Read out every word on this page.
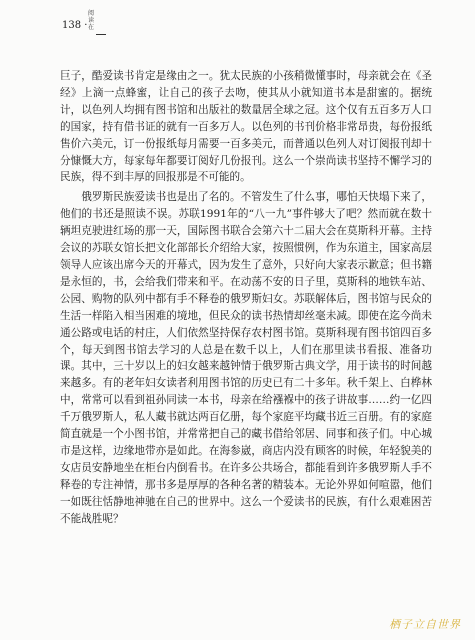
138 ·
阅读在

巨子，酷爱读书肯定是缘由之一。犹太民族的小孩稍微懂事时，母亲就会在《圣经》上滴一点蜂蜜，让自己的孩子去吻，使其从小就知道书本是甜蜜的。据统计，以色列人均拥有图书馆和出版社的数量居全球之冠。这个仅有五百多万人口的国家，持有借书证的就有一百多万人。以色列的书刊价格非常昂贵，每份报纸售价六美元，订一份报纸每月需要一百多美元，而普通以色列人对订阅报刊却十分慷慨大方，每家每年都要订阅好几份报刊。这么一个崇尚读书坚持不懈学习的民族，得不到丰厚的回报那是不可能的。

俄罗斯民族爱读书也是出了名的。不管发生了什么事，哪怕天快塌下来了，他们的书还是照读不误。苏联1991年的“八一九”事件够大了吧？然而就在数十辆坦克驶进红场的那一天，国际图书联合会第六十二届大会在莫斯科开幕。主持会议的苏联女馆长把文化部部长介绍给大家，按照惯例，作为东道主，国家高层领导人应该出席今天的开幕式，因为发生了意外，只好向大家表示歉意；但书籍是永恒的，书，会给我们带来和平。在动荡不安的日子里，莫斯科的地铁车站、公园、购物的队列中都有手不释卷的俄罗斯妇女。苏联解体后，图书馆与民众的生活一样陷入相当困难的境地，但民众的读书热情却丝毫未减。即使在迄今尚未通公路或电话的村庄，人们依然坚持保存农村图书馆。莫斯科现有图书馆四百多个，每天到图书馆去学习的人总是在数千以上，人们在那里读书看报、准备功课。其中，三十岁以上的妇女越来越钟情于俄罗斯古典文学，用于读书的时间越来越多。有的老年妇女读者利用图书馆的历史已有二十多年。秋千架上、白桦林中，常常可以看到祖孙同读一本书，母亲在给襁褓中的孩子讲故事……约一亿四千万俄罗斯人，私人藏书就达两百亿册，每个家庭平均藏书近三百册。有的家庭简直就是一个小图书馆，并常常把自己的藏书借给邻居、同事和孩子们。中心城市是这样，边缘地带亦是如此。在海参崴，商店内没有顾客的时候，年轻貌美的女店员安静地坐在柜台内倒看书。在许多公共场合，都能看到许多俄罗斯人手不释卷的专注神情，那书多是厚厚的各种名著的精装本。无论外界如何喧嚣，他们一如既往恬静地神驰在自己的世界中。这么一个爱读书的民族，有什么艰难困苦不能战胜呢？

栖子立自世界
